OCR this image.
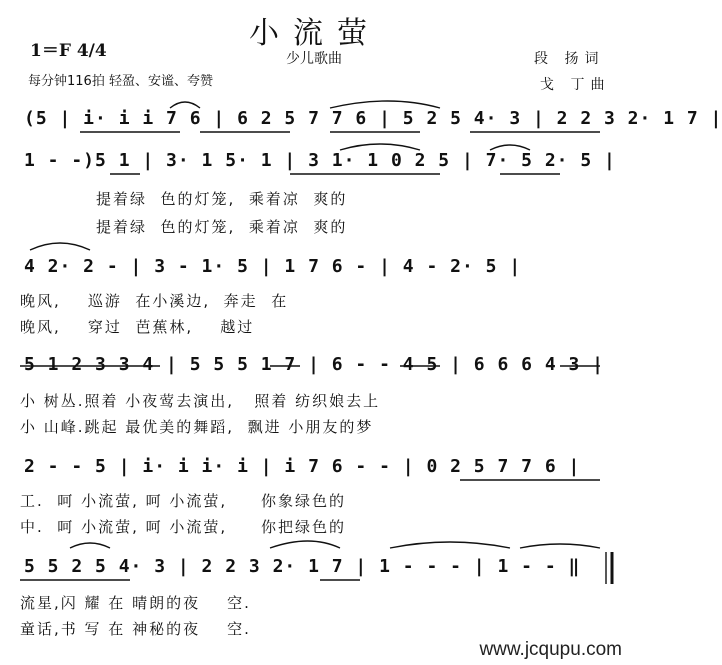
小流萤
1＝F 4/4
每分钟116拍 轻盈、安谧、夸赞
少儿歌曲	段 扬词
戈 丁曲
(5 | i· i i 7 6 | 6 2 5 7 7 6 | 5 2 5 4· 3 | 2 2 3 2· 1 7 |
1 - -)5 1 | 3· 1 5· 1 | 3 1· 1 0 2 5 | 7· 5 2· 5 |
提着绿  色的灯笼,  乘着凉  爽的
提着绿  色的灯笼,  乘着凉  爽的
4 2· 2 - | 3 - 1· 5 | 1 7 6 - | 4 - 2· 5 |
晚风,    巡游  在小溪边,  奔走  在
晚风,    穿过  芭蕉林,    越过
5 1 2 3 3 4 | 5 5 5 1 7 | 6 - - 4 5 | 6 6 6 4 3 |
小 树丛.照着 小夜莺去演出,   照着 纺织娘去上
小 山峰.跳起 最优美的舞蹈,  飘进 小朋友的梦
2 - - 5 | i· i i· i | i 7 6 - - | 0 2 5 7 7 6 |
工.  呵 小流萤, 呵 小流萤,     你象绿色的
中.  呵 小流萤, 呵 小流萤,     你把绿色的
5 5 2 5 4· 3 | 2 2 3 2· 1 7 | 1 - - - | 1 - - ‖
流星,闪 耀 在 晴朗的夜    空.
童话,书 写 在 神秘的夜    空.
www.jcqupu.com
